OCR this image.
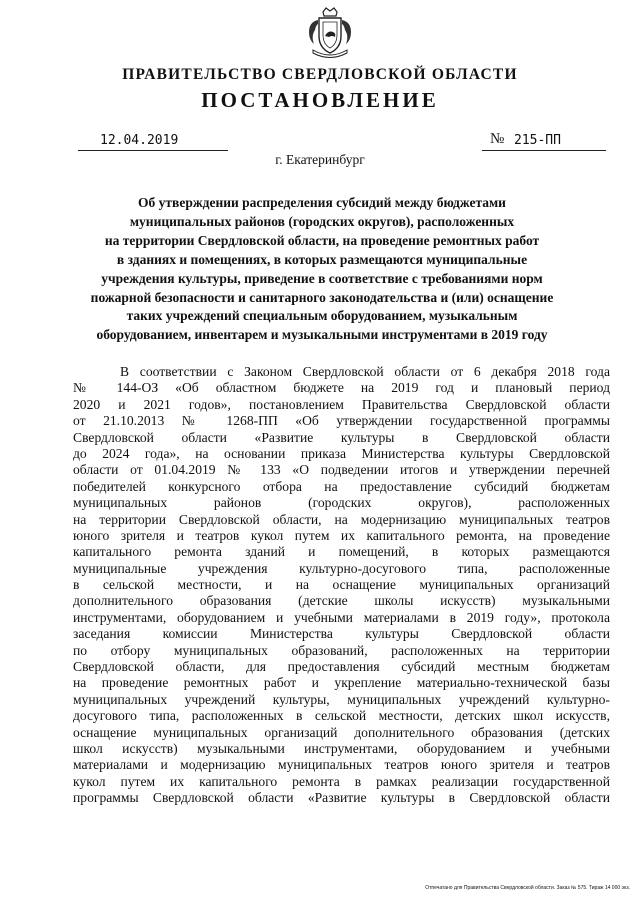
ПРАВИТЕЛЬСТВО СВЕРДЛОВСКОЙ ОБЛАСТИ
ПОСТАНОВЛЕНИЕ
12.04.2019	№ 215-ПП
г. Екатеринбург
Об утверждении распределения субсидий между бюджетами
муниципальных районов (городских округов), расположенных
на территории Свердловской области, на проведение ремонтных работ
в зданиях и помещениях, в которых размещаются муниципальные
учреждения культуры, приведение в соответствие с требованиями норм
пожарной безопасности и санитарного законодательства и (или) оснащение
таких учреждений специальным оборудованием, музыкальным
оборудованием, инвентарем и музыкальными инструментами в 2019 году
В соответствии с Законом Свердловской области от 6 декабря 2018 года
№ 144-ОЗ «Об областном бюджете на 2019 год и плановый период
2020 и 2021 годов», постановлением Правительства Свердловской области
от 21.10.2013 № 1268-ПП «Об утверждении государственной программы
Свердловской области «Развитие культуры в Свердловской области
до 2024 года», на основании приказа Министерства культуры Свердловской
области от 01.04.2019 № 133 «О подведении итогов и утверждении перечней
победителей конкурсного отбора на предоставление субсидий бюджетам
муниципальных районов (городских округов), расположенных
на территории Свердловской области, на модернизацию муниципальных театров
юного зрителя и театров кукол путем их капитального ремонта, на проведение
капитального ремонта зданий и помещений, в которых размещаются
муниципальные учреждения культурно-досугового типа, расположенные
в сельской местности, и на оснащение муниципальных организаций
дополнительного образования (детские школы искусств) музыкальными
инструментами, оборудованием и учебными материалами в 2019 году», протокола
заседания комиссии Министерства культуры Свердловской области
по отбору муниципальных образований, расположенных на территории
Свердловской области, для предоставления субсидий местным бюджетам
на проведение ремонтных работ и укрепление материально-технической базы
муниципальных учреждений культуры, муниципальных учреждений культурно-
досугового типа, расположенных в сельской местности, детских школ искусств,
оснащение муниципальных организаций дополнительного образования (детских
школ искусств) музыкальными инструментами, оборудованием и учебными
материалами и модернизацию муниципальных театров юного зрителя и театров
кукол путем их капитального ремонта в рамках реализации государственной
программы Свердловской области «Развитие культуры в Свердловской области
Отпечатано для Правительства Свердловской области. Заказ № 575. Тираж 14 000 экз.
